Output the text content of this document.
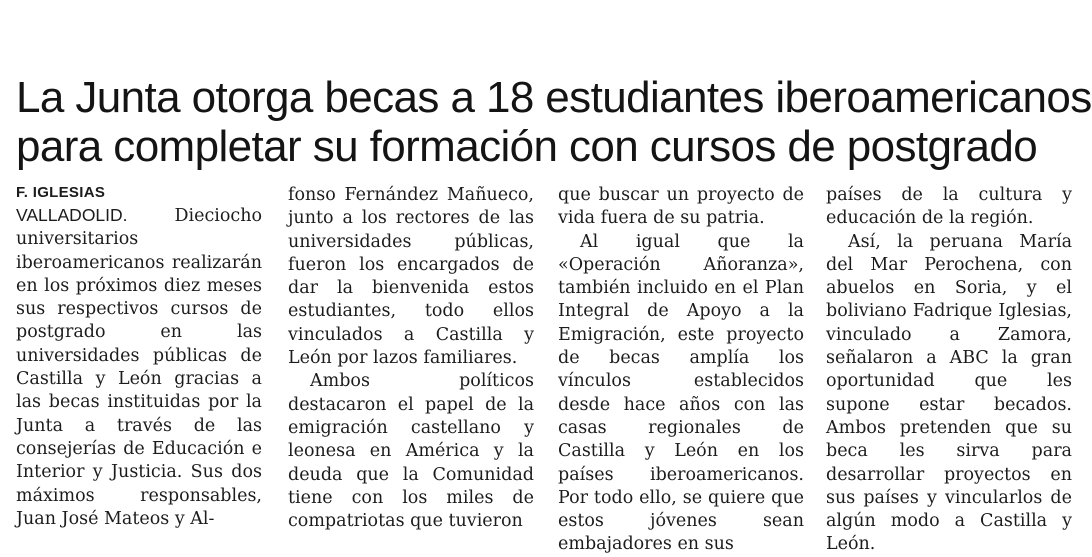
La Junta otorga becas a 18 estudiantes iberoamericanos
para completar su formación con cursos de postgrado
F. IGLESIAS

VALLADOLID.	Dieciocho universitarios iberoamericanos realizarán en los próximos diez meses sus respectivos cursos de postgrado en las universidades públicas de Castilla y León gracias a las becas instituidas por la Junta a través de las consejerías de Educación e Interior y Justicia. Sus dos máximos responsables, Juan José Mateos y Al-

fonso Fernández Mañueco, junto a los rectores de las universidades públicas, fueron los encargados de dar la bienvenida estos estudiantes, todo ellos vinculados a Castilla y León por lazos familiares.

Ambos políticos destacaron el papel de la emigración castellano y leonesa en América y la deuda que la Comunidad tiene con los miles de compatriotas que tuvieron

que buscar un proyecto de vida fuera de su patria.

Al igual que la «Operación Añoranza», también incluido en el Plan Integral de Apoyo a la Emigración, este proyecto de becas amplía los vínculos establecidos desde hace años con las casas regionales de Castilla y León en los países iberoamericanos. Por todo ello, se quiere que estos jóvenes sean embajadores en sus

países de la cultura y educación de la región.

Así, la peruana María del Mar Perochena, con abuelos en Soria, y el boliviano Fadrique Iglesias, vinculado a Zamora, señalaron a ABC la gran oportunidad que les supone estar becados. Ambos pretenden que su beca les sirva para desarrollar proyectos en sus países y vincularlos de algún modo a Castilla y León.
